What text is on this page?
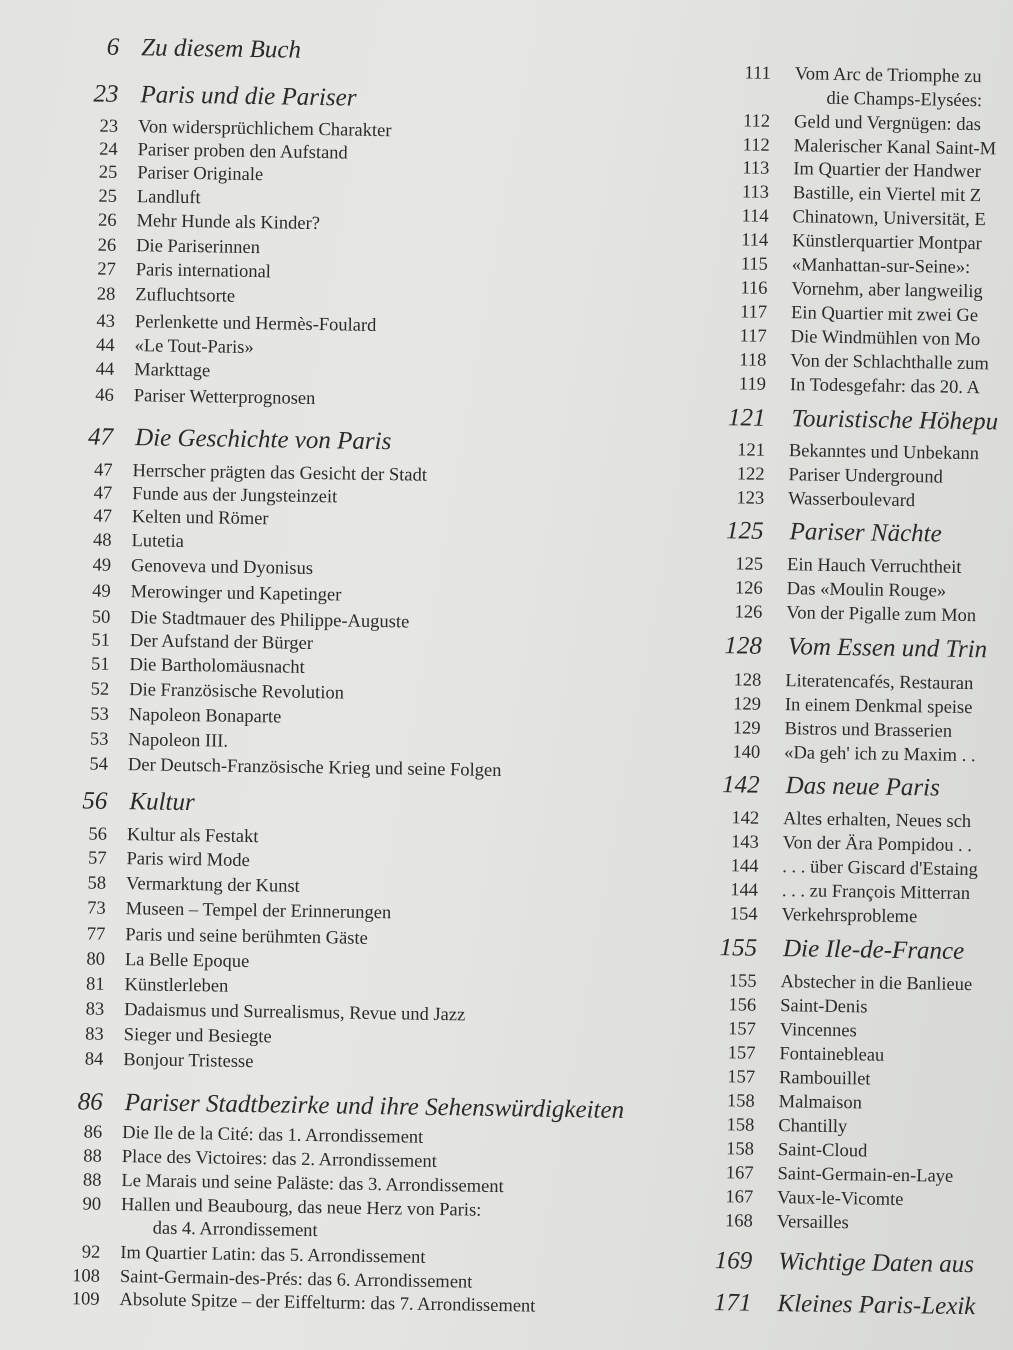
6 Zu diesem Buch
23 Paris und die Pariser
23 Von widersprüchlichem Charakter
24 Pariser proben den Aufstand
25 Pariser Originale
25 Landluft
26 Mehr Hunde als Kinder?
26 Die Pariserinnen
27 Paris international
28 Zufluchtsorte
43 Perlenkette und Hermès-Foulard
44 «Le Tout-Paris»
44 Markttage
46 Pariser Wetterprognosen
47 Die Geschichte von Paris
47 Herrscher prägten das Gesicht der Stadt
47 Funde aus der Jungsteinzeit
47 Kelten und Römer
48 Lutetia
49 Genoveva und Dyonisus
49 Merowinger und Kapetinger
50 Die Stadtmauer des Philippe-Auguste
51 Der Aufstand der Bürger
51 Die Bartholomäusnacht
52 Die Französische Revolution
53 Napoleon Bonaparte
53 Napoleon III.
54 Der Deutsch-Französische Krieg und seine Folgen
56 Kultur
56 Kultur als Festakt
57 Paris wird Mode
58 Vermarktung der Kunst
73 Museen – Tempel der Erinnerungen
77 Paris und seine berühmten Gäste
80 La Belle Epoque
81 Künstlerleben
83 Dadaismus und Surrealismus, Revue und Jazz
83 Sieger und Besiegte
84 Bonjour Tristesse
86 Pariser Stadtbezirke und ihre Sehenswürdigkeiten
86 Die Ile de la Cité: das 1. Arrondissement
88 Place des Victoires: das 2. Arrondissement
88 Le Marais und seine Paläste: das 3. Arrondissement
90 Hallen und Beaubourg, das neue Herz von Paris:
das 4. Arrondissement
92 Im Quartier Latin: das 5. Arrondissement
108 Saint-Germain-des-Prés: das 6. Arrondissement
109 Absolute Spitze – der Eiffelturm: das 7. Arrondissement
111 Vom Arc de Triomphe zu
die Champs-Elysées:
112 Geld und Vergnügen: das
112 Malerischer Kanal Saint-M
113 Im Quartier der Handwer
113 Bastille, ein Viertel mit Z
114 Chinatown, Universität, E
114 Künstlerquartier Montpar
115 «Manhattan-sur-Seine»:
116 Vornehm, aber langweilig
117 Ein Quartier mit zwei Ge
117 Die Windmühlen von Mo
118 Von der Schlachthalle zum
119 In Todesgefahr: das 20. A
121 Touristische Höhepu
121 Bekanntes und Unbekann
122 Pariser Underground
123 Wasserboulevard
125 Pariser Nächte
125 Ein Hauch Verruchtheit
126 Das «Moulin Rouge»
126 Von der Pigalle zum Mon
128 Vom Essen und Trin
128 Literatencafés, Restauran
129 In einem Denkmal speise
129 Bistros und Brasserien
140 «Da geh' ich zu Maxim . .
142 Das neue Paris
142 Altes erhalten, Neues sch
143 Von der Ära Pompidou . .
144 . . . über Giscard d'Estaing
144 . . . zu François Mitterran
154 Verkehrsprobleme
155 Die Ile-de-France
155 Abstecher in die Banlieue
156 Saint-Denis
157 Vincennes
157 Fontainebleau
157 Rambouillet
158 Malmaison
158 Chantilly
158 Saint-Cloud
167 Saint-Germain-en-Laye
167 Vaux-le-Vicomte
168 Versailles
169 Wichtige Daten aus
171 Kleines Paris-Lexik
